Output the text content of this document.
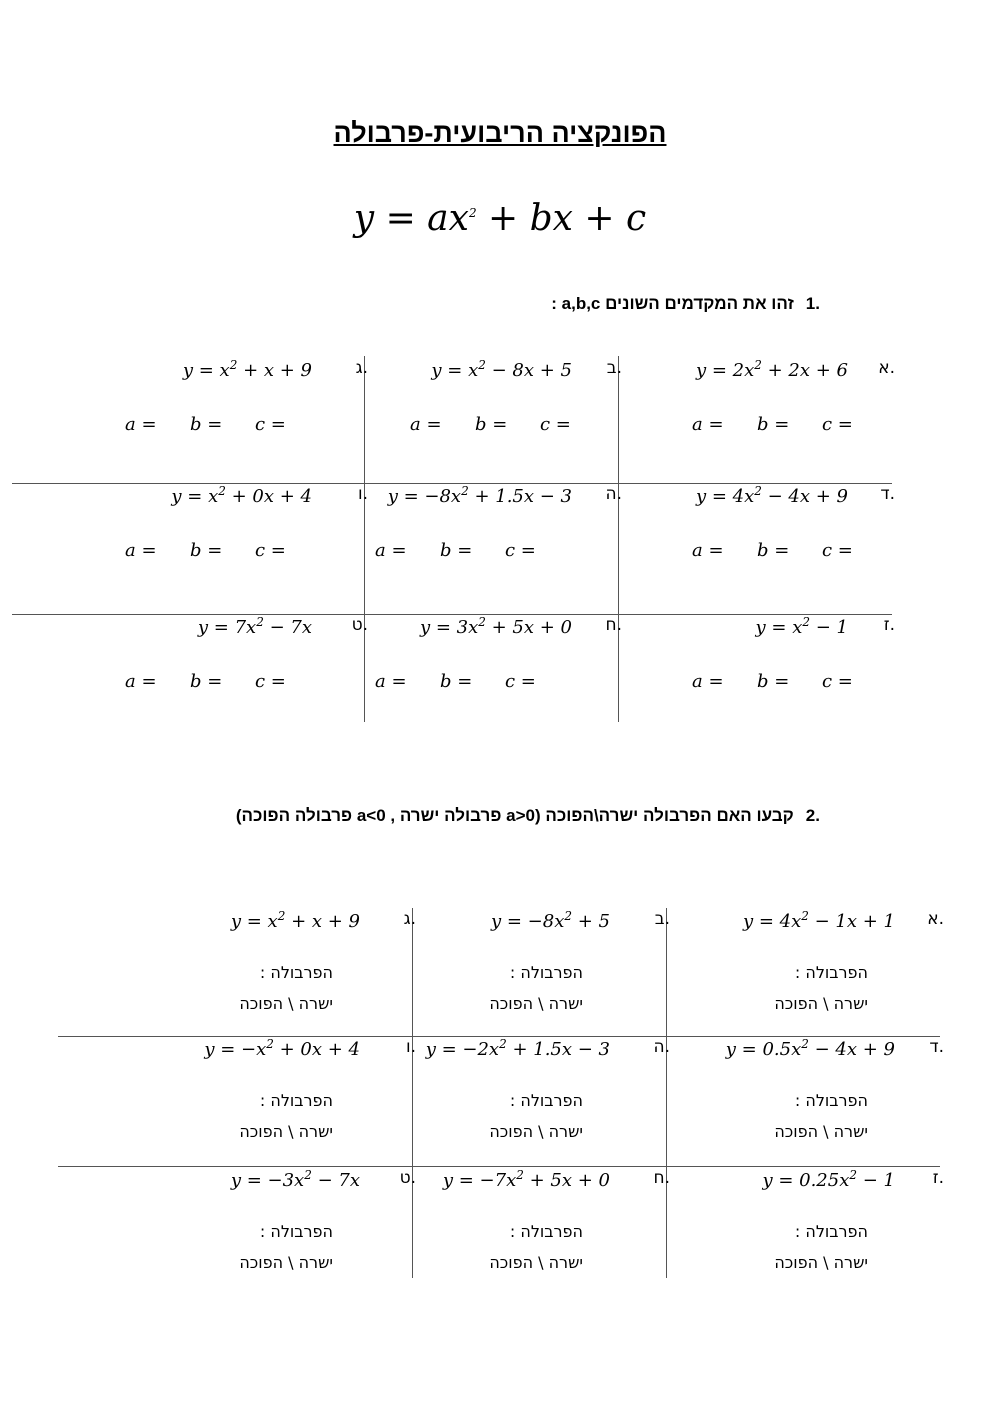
הפונקציה הריבועית-פרבולה
$y = ax^2$ + bx + c
.1זהו את המקדמים השונים a,b,c :
.א
$y = 2x^2 + 2x + 6$
a = b = c =
.ב
$y = x^2 - 8x + 5$
a = b = c =
.ג
$y = x^2 + x + 9$
a = b = c =
.ד
$y = 4x^2 - 4x + 9$
a = b = c =
.ה
$y = -8x^2 + 1.5x - 3$
a = b = c =
.ו
$y = x^2 + 0x + 4$
a = b = c =
.ז
$y = x^2 - 1$
a = b = c =
.ח
$y = 3x^2 + 5x + 0$
a = b = c =
.ט
$y = 7x^2 - 7x$
a = b = c =
.2קבעו האם הפרבולה ישרה\הפוכה (a>0 פרבולה ישרה , a<0 פרבולה הפוכה)
.א
$y = 4x^2 - 1x + 1$
הפרבולה :
ישרה \ הפוכה
.ב
$y = -8x^2 + 5$
הפרבולה :
ישרה \ הפוכה
.ג
$y = x^2 + x + 9$
הפרבולה :
ישרה \ הפוכה
.ד
$y = 0.5x^2 - 4x + 9$
הפרבולה :
ישרה \ הפוכה
.ה
$y = -2x^2 + 1.5x - 3$
הפרבולה :
ישרה \ הפוכה
.ו
$y = -x^2 + 0x + 4$
הפרבולה :
ישרה \ הפוכה
.ז
$y = 0.25x^2 - 1$
הפרבולה :
ישרה \ הפוכה
.ח
$y = -7x^2 + 5x + 0$
הפרבולה :
ישרה \ הפוכה
.ט
$y = -3x^2 - 7x$
הפרבולה :
ישרה \ הפוכה
